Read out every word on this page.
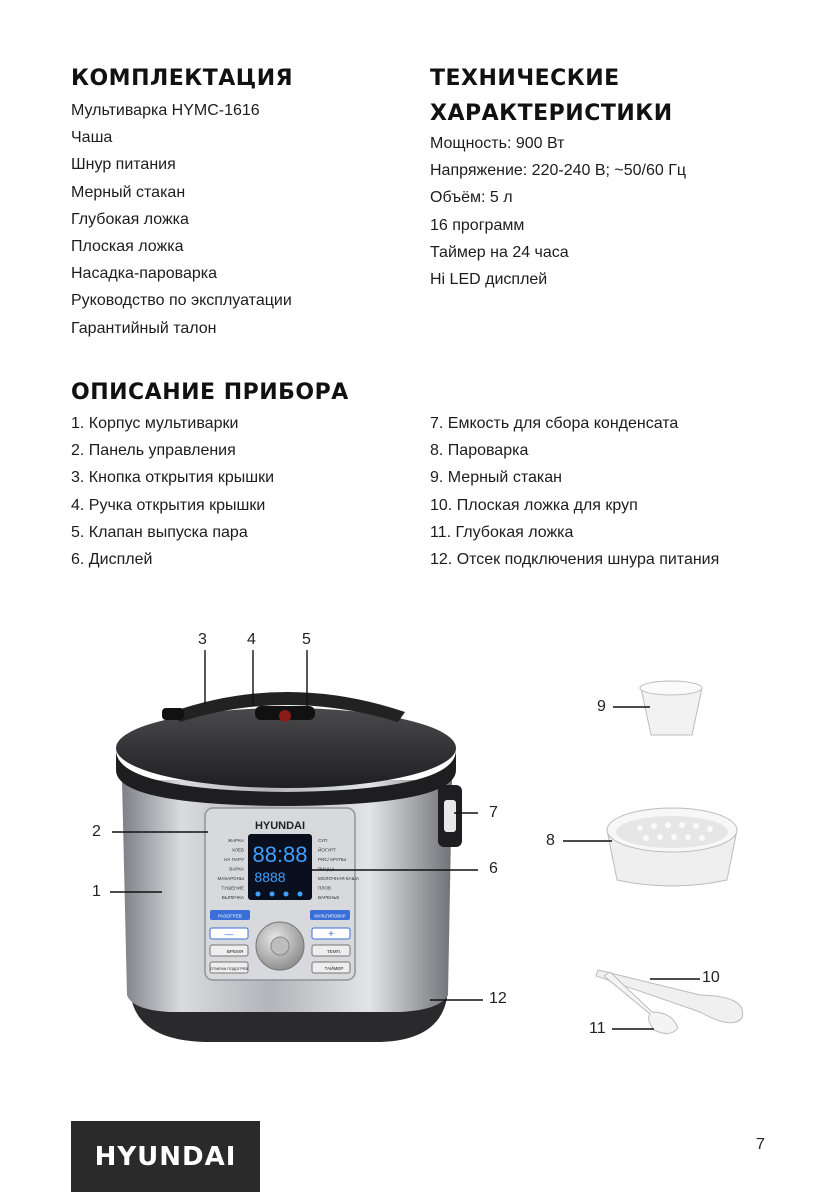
КОМПЛЕКТАЦИЯ
Мультиварка HYMC-1616
Чаша
Шнур питания
Мерный стакан
Глубокая ложка
Плоская ложка
Насадка-пароварка
Руководство по эксплуатации
Гарантийный талон
ТЕХНИЧЕСКИЕ
ХАРАКТЕРИСТИКИ
Мощность: 900 Вт
Напряжение: 220-240 В; ~50/60 Гц
Объём: 5 л
16 программ
Таймер на 24 часа
Hi LED дисплей
ОПИСАНИЕ ПРИБОРА
1. Корпус мультиварки
2. Панель управления
3. Кнопка открытия крышки
4. Ручка открытия крышки
5. Клапан выпуска пара
6. Дисплей
7. Емкость для сбора конденсата
8. Пароварка
9. Мерный стакан
10. Плоская ложка для круп
11. Глубокая ложка
12. Отсек подключения шнура питания
HYUNDAI
88:88
8888
ЖАРКА
ХЛЕБ
НА ПАРУ
ВАРКА
МАКАРОНЫ
ТУШЕНИЕ
ВЫПЕЧКА
СУП
ЙОГУРТ
РИС/ КРУПЫ
ПИЦЦА
МОЛОЧНАЯ КАША
ПЛОВ
ВАРЕНЬЕ
РАЗОГРЕВ	МУЛЬТИПОВАР
—	+
ВРЕМЯ	ТЕМП.
ОТМЕНА ПОДОГРЕВ	ТАЙМЕР
3	4	5
2
1
7
6
8
9
12
10
11
HYUNDAI	7
